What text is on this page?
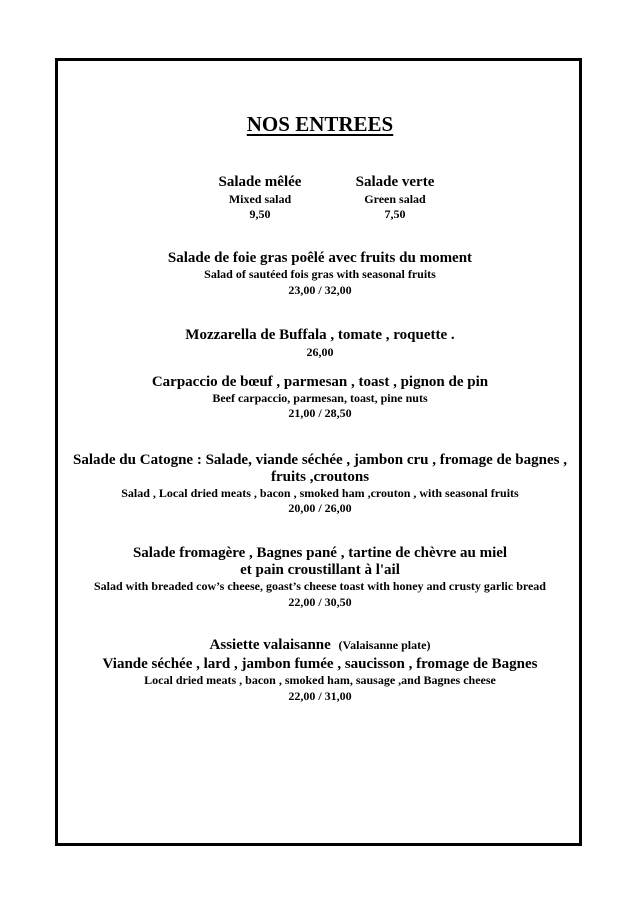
NOS ENTREES
Salade mêlée
Mixed salad
9,50
Salade verte
Green salad
7,50
Salade de foie gras poêlé avec fruits du moment
Salad of sautéed fois gras with seasonal fruits
23,00 / 32,00
Mozzarella de Buffala , tomate , roquette .
26,00
Carpaccio de bœuf , parmesan , toast , pignon de pin
Beef carpaccio, parmesan, toast, pine nuts
21,00 / 28,50
Salade du Catogne : Salade, viande séchée , jambon cru , fromage de bagnes ,
fruits ,croutons
Salad , Local dried meats , bacon , smoked ham ,crouton , with seasonal fruits
20,00 / 26,00
Salade fromagère , Bagnes pané , tartine de chèvre au miel
et pain croustillant à l'ail
Salad with breaded cow’s cheese, goast’s cheese toast with honey and crusty garlic bread
22,00 / 30,50
Assiette valaisanne (Valaisanne plate)
Viande séchée , lard , jambon fumée , saucisson , fromage de Bagnes
Local dried meats , bacon , smoked ham, sausage ,and Bagnes cheese
22,00 / 31,00
